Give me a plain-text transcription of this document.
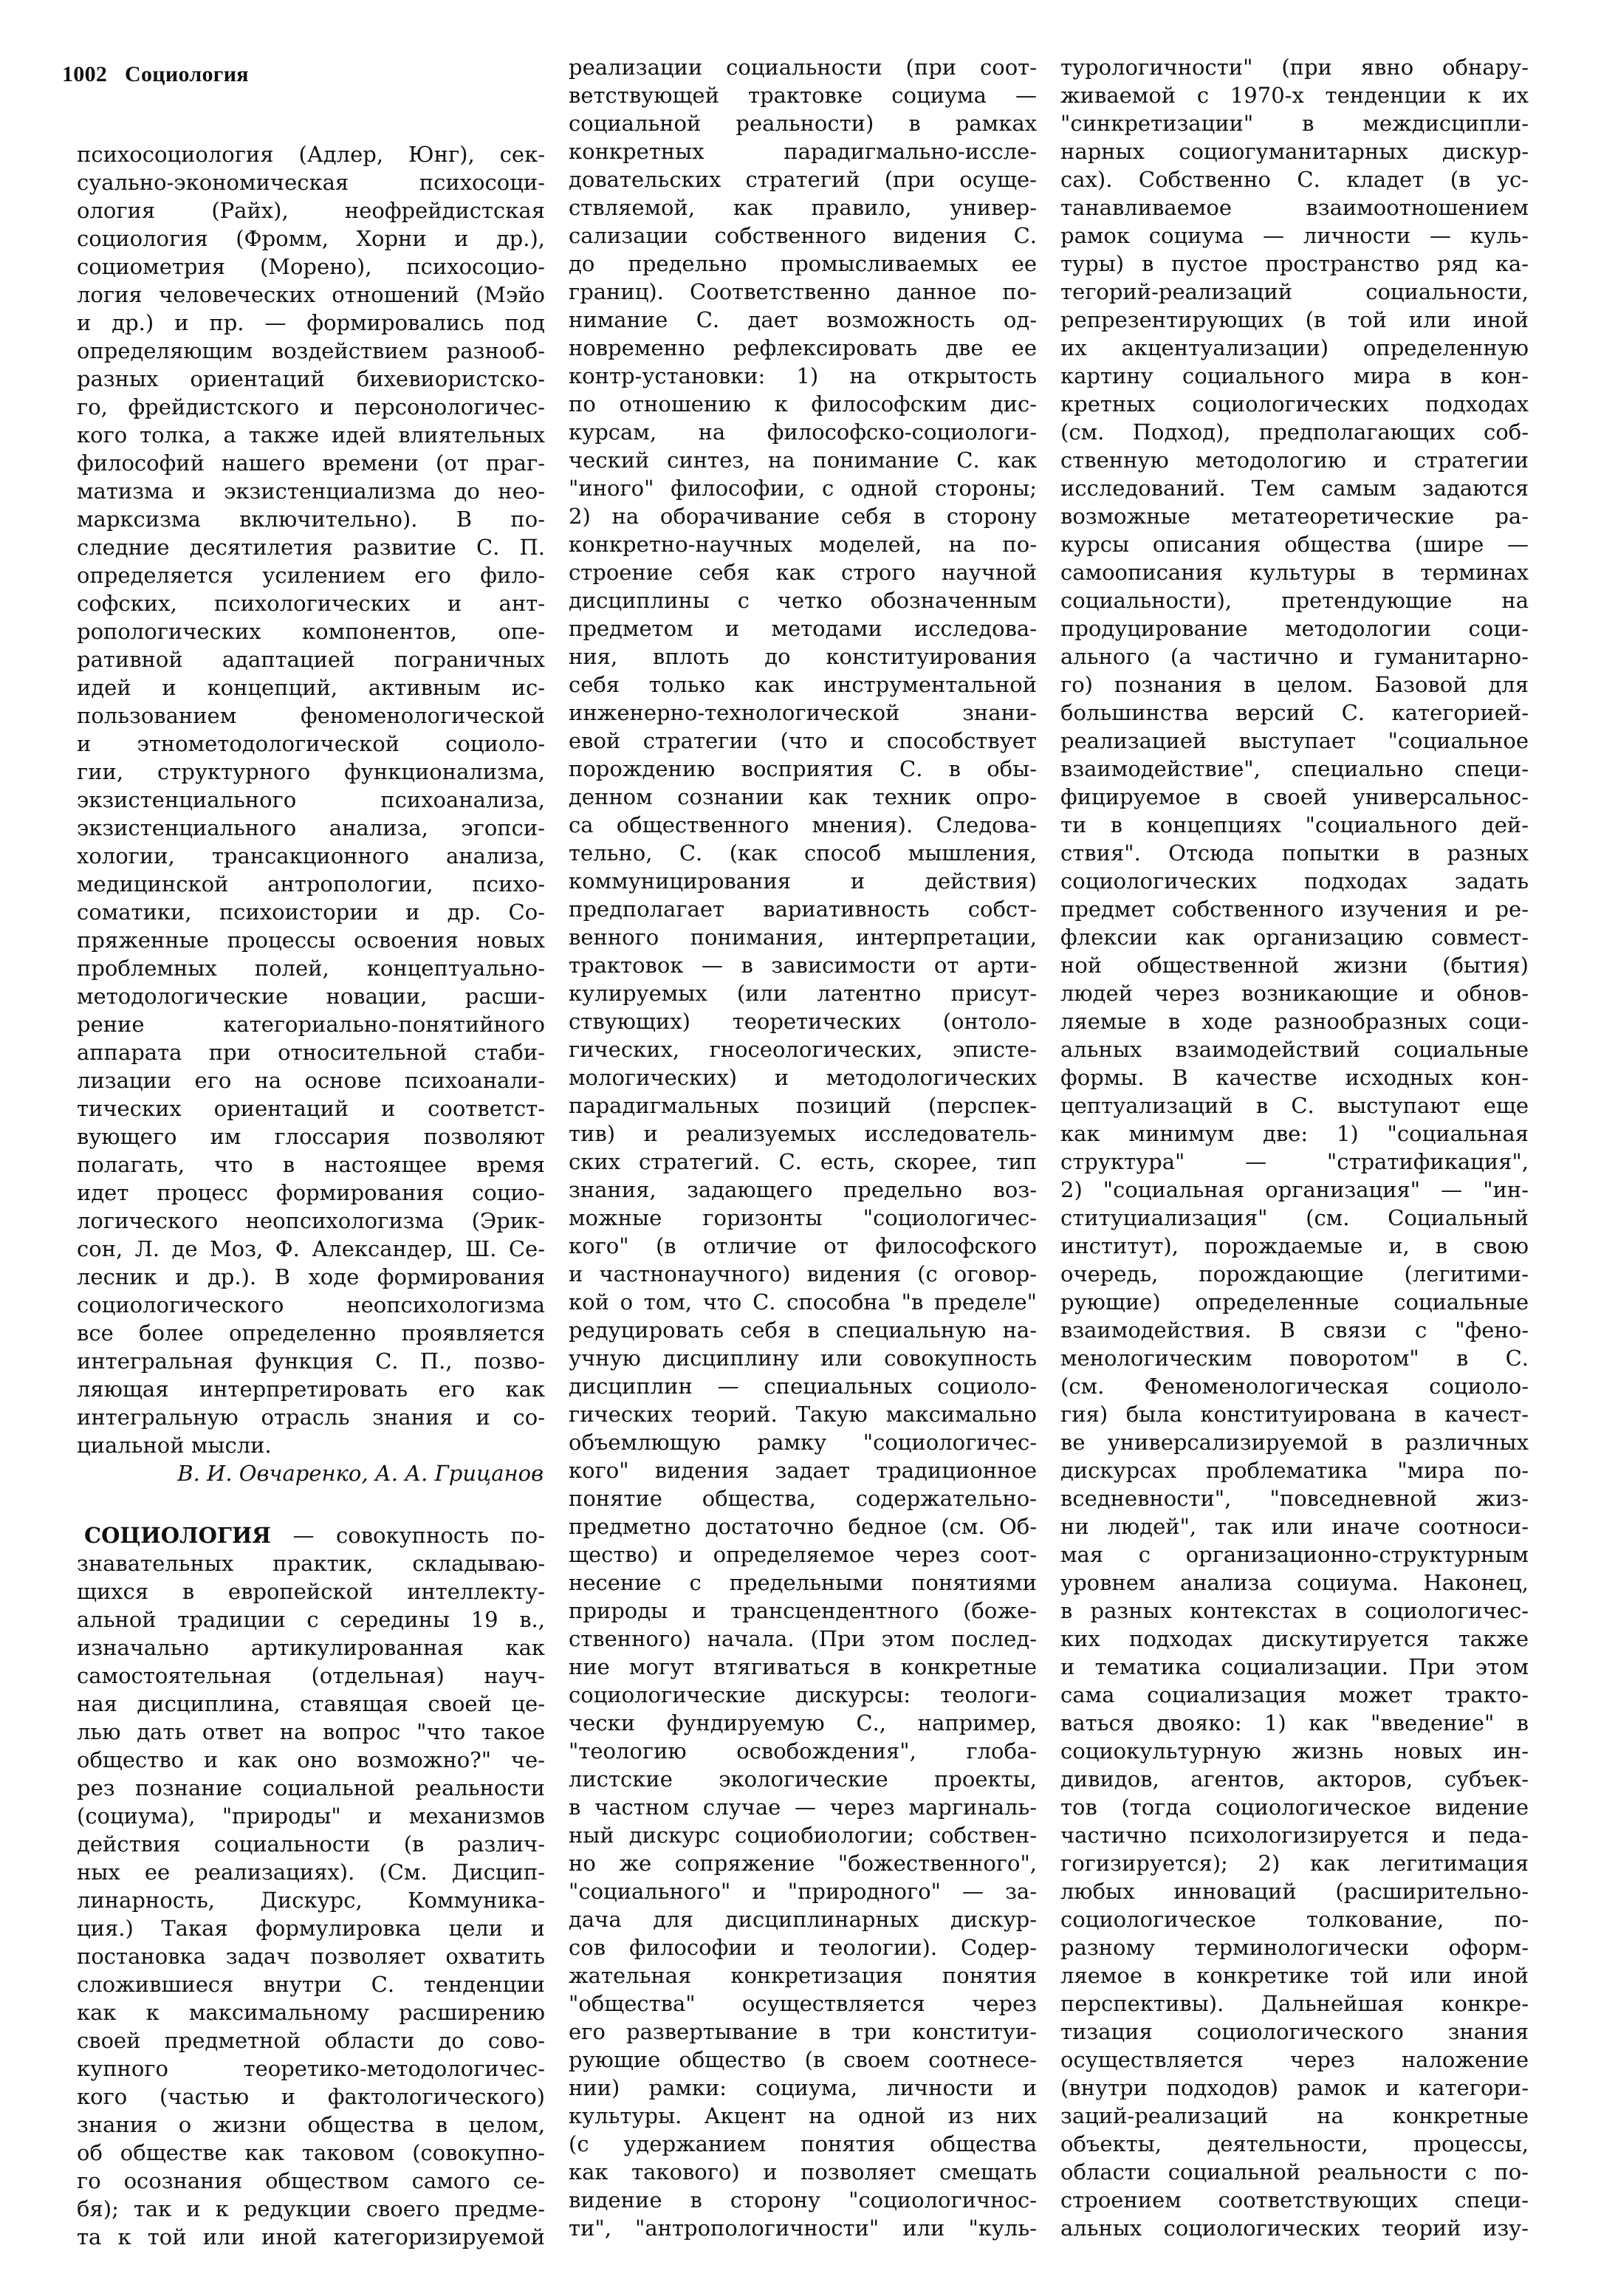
1002 Социология
психосоциология (Адлер, Юнг), сек-
суально-экономическая психосоци-
ология (Райх), неофрейдистская
социология (Фромм, Хорни и др.),
социометрия (Морено), психосоцио-
логия человеческих отношений (Мэйо
и др.) и пр. — формировались под
определяющим воздействием разнооб-
разных ориентаций бихевиористско-
го, фрейдистского и персонологичес-
кого толка, а также идей влиятельных
философий нашего времени (от праг-
матизма и экзистенциализма до нео-
марксизма включительно). В по-
следние десятилетия развитие С. П.
определяется усилением его фило-
софских, психологических и ант-
ропологических компонентов, опе-
ративной адаптацией пограничных
идей и концепций, активным ис-
пользованием феноменологической
и этнометодологической социоло-
гии, структурного функционализма,
экзистенциального психоанализа,
экзистенциального анализа, эгопси-
хологии, трансакционного анализа,
медицинской антропологии, психо-
соматики, психоистории и др. Со-
пряженные процессы освоения новых
проблемных полей, концептуально-
методологические новации, расши-
рение категориально-понятийного
аппарата при относительной стаби-
лизации его на основе психоанали-
тических ориентаций и соответст-
вующего им глоссария позволяют
полагать, что в настоящее время
идет процесс формирования социо-
логического неопсихологизма (Эрик-
сон, Л. де Моз, Ф. Александер, Ш. Се-
лесник и др.). В ходе формирования
социологического неопсихологизма
все более определенно проявляется
интегральная функция С. П., позво-
ляющая интерпретировать его как
интегральную отрасль знания и со-
циальной мысли.
В. И. Овчаренко, А. А. Грицанов
СОЦИОЛОГИЯ — совокупность по-
знавательных практик, складываю-
щихся в европейской интеллекту-
альной традиции с середины 19 в.,
изначально артикулированная как
самостоятельная (отдельная) науч-
ная дисциплина, ставящая своей це-
лью дать ответ на вопрос "что такое
общество и как оно возможно?" че-
рез познание социальной реальности
(социума), "природы" и механизмов
действия социальности (в различ-
ных ее реализациях). (См. Дисцип-
линарность, Дискурс, Коммуника-
ция.) Такая формулировка цели и
постановка задач позволяет охватить
сложившиеся внутри С. тенденции
как к максимальному расширению
своей предметной области до сово-
купного теоретико-методологичес-
кого (частью и фактологического)
знания о жизни общества в целом,
об обществе как таковом (совокупно-
го осознания обществом самого се-
бя); так и к редукции своего предме-
та к той или иной категоризируемой
реализации социальности (при соот-
ветствующей трактовке социума —
социальной реальности) в рамках
конкретных парадигмально-иссле-
довательских стратегий (при осуще-
ствляемой, как правило, универ-
сализации собственного видения С.
до предельно промысливаемых ее
границ). Соответственно данное по-
нимание С. дает возможность од-
новременно рефлексировать две ее
контр-установки: 1) на открытость
по отношению к философским дис-
курсам, на философско-социологи-
ческий синтез, на понимание С. как
"иного" философии, с одной стороны;
2) на оборачивание себя в сторону
конкретно-научных моделей, на по-
строение себя как строго научной
дисциплины с четко обозначенным
предметом и методами исследова-
ния, вплоть до конституирования
себя только как инструментальной
инженерно-технологической знани-
евой стратегии (что и способствует
порождению восприятия С. в обы-
денном сознании как техник опро-
са общественного мнения). Следова-
тельно, С. (как способ мышления,
коммуницирования и действия)
предполагает вариативность собст-
венного понимания, интерпретации,
трактовок — в зависимости от арти-
кулируемых (или латентно присут-
ствующих) теоретических (онтоло-
гических, гносеологических, эписте-
мологических) и методологических
парадигмальных позиций (перспек-
тив) и реализуемых исследователь-
ских стратегий. С. есть, скорее, тип
знания, задающего предельно воз-
можные горизонты "социологичес-
кого" (в отличие от философского
и частнонаучного) видения (с оговор-
кой о том, что С. способна "в пределе"
редуцировать себя в специальную на-
учную дисциплину или совокупность
дисциплин — специальных социоло-
гических теорий. Такую максимально
объемлющую рамку "социологичес-
кого" видения задает традиционное
понятие общества, содержательно-
предметно достаточно бедное (см. Об-
щество) и определяемое через соот-
несение с предельными понятиями
природы и трансцендентного (боже-
ственного) начала. (При этом послед-
ние могут втягиваться в конкретные
социологические дискурсы: теологи-
чески фундируемую С., например,
"теологию освобождения", глоба-
листские экологические проекты,
в частном случае — через маргиналь-
ный дискурс социобиологии; собствен-
но же сопряжение "божественного",
"социального" и "природного" — за-
дача для дисциплинарных дискур-
сов философии и теологии). Содер-
жательная конкретизация понятия
"общества" осуществляется через
его развертывание в три конституи-
рующие общество (в своем соотнесе-
нии) рамки: социума, личности и
культуры. Акцент на одной из них
(с удержанием понятия общества
как такового) и позволяет смещать
видение в сторону "социологичнос-
ти", "антропологичности" или "куль-
турологичности" (при явно обнару-
живаемой с 1970-х тенденции к их
"синкретизации" в междисципли-
нарных социогуманитарных дискур-
сах). Собственно С. кладет (в ус-
танавливаемое взаимоотношением
рамок социума — личности — куль-
туры) в пустое пространство ряд ка-
тегорий-реализаций социальности,
репрезентирующих (в той или иной
их акцентуализации) определенную
картину социального мира в кон-
кретных социологических подходах
(см. Подход), предполагающих соб-
ственную методологию и стратегии
исследований. Тем самым задаются
возможные метатеоретические ра-
курсы описания общества (шире —
самоописания культуры в терминах
социальности), претендующие на
продуцирование методологии соци-
ального (а частично и гуманитарно-
го) познания в целом. Базовой для
большинства версий С. категорией-
реализацией выступает "социальное
взаимодействие", специально специ-
фицируемое в своей универсальнос-
ти в концепциях "социального дей-
ствия". Отсюда попытки в разных
социологических подходах задать
предмет собственного изучения и ре-
флексии как организацию совмест-
ной общественной жизни (бытия)
людей через возникающие и обнов-
ляемые в ходе разнообразных соци-
альных взаимодействий социальные
формы. В качестве исходных кон-
цептуализаций в С. выступают еще
как минимум две: 1) "социальная
структура" — "стратификация",
2) "социальная организация" — "ин-
ституциализация" (см. Социальный
институт), порождаемые и, в свою
очередь, порождающие (легитими-
рующие) определенные социальные
взаимодействия. В связи с "фено-
менологическим поворотом" в С.
(см. Феноменологическая социоло-
гия) была конституирована в качест-
ве универсализируемой в различных
дискурсах проблематика "мира по-
вседневности", "повседневной жиз-
ни людей", так или иначе соотноси-
мая с организационно-структурным
уровнем анализа социума. Наконец,
в разных контекстах в социологичес-
ких подходах дискутируется также
и тематика социализации. При этом
сама социализация может тракто-
ваться двояко: 1) как "введение" в
социокультурную жизнь новых ин-
дивидов, агентов, акторов, субъек-
тов (тогда социологическое видение
частично психологизируется и педа-
гогизируется); 2) как легитимация
любых инноваций (расширительно-
социологическое толкование, по-
разному терминологически оформ-
ляемое в конкретике той или иной
перспективы). Дальнейшая конкре-
тизация социологического знания
осуществляется через наложение
(внутри подходов) рамок и категори-
заций-реализаций на конкретные
объекты, деятельности, процессы,
области социальной реальности с по-
строением соответствующих специ-
альных социологических теорий изу-
